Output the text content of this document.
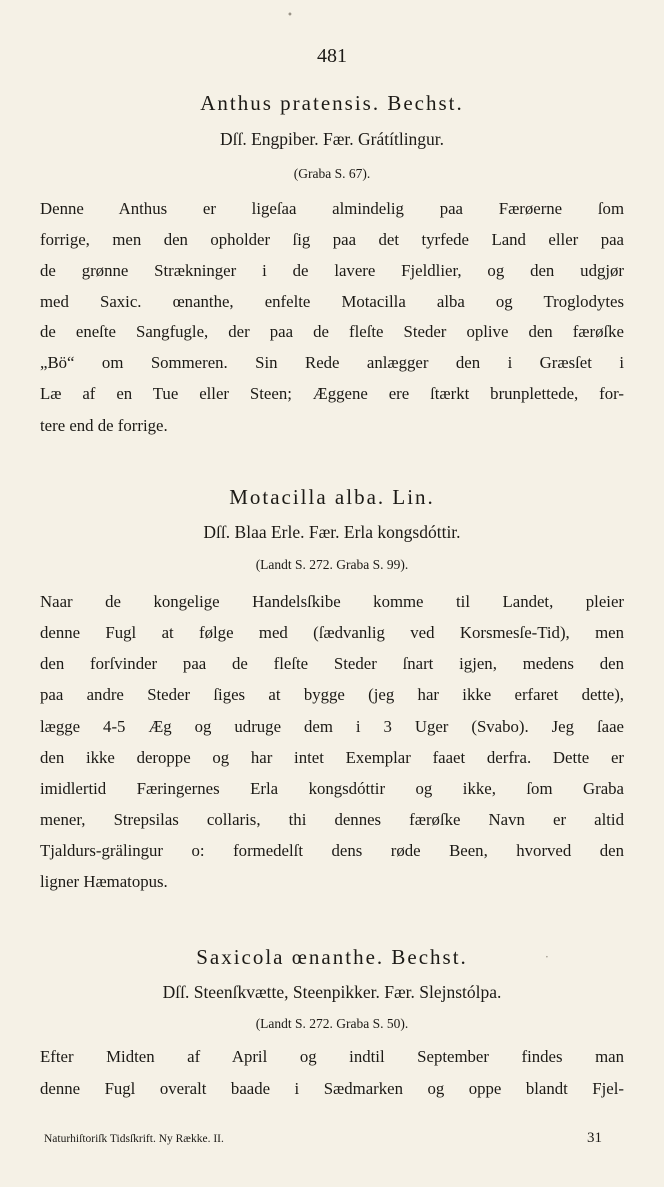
•
481
Anthus pratensis. Bechst.
Dſſ. Engpiber. Fær. Grátítlingur.
(Graba S. 67).
Denne Anthus er ligeſaa almindelig paa Færøerne ſom
forrige, men den opholder ſig paa det tyrfede Land eller paa
de grønne Strækninger i de lavere Fjeldlier, og den udgjør
med Saxic. œnanthe, enfelte Motacilla alba og Troglodytes
de eneſte Sangfugle, der paa de fleſte Steder oplive den færøſke
„Bö“ om Sommeren. Sin Rede anlægger den i Græsſet i
Læ af en Tue eller Steen; Æggene ere ſtærkt brunplettede, for-
tere end de forrige.
Motacilla alba. Lin.
Dſſ. Blaa Erle. Fær. Erla kongsdóttir.
(Landt S. 272. Graba S. 99).
Naar de kongelige Handelsſkibe komme til Landet, pleier
denne Fugl at følge med (ſædvanlig ved Korsmesſe-Tid), men
den forſvinder paa de fleſte Steder ſnart igjen, medens den
paa andre Steder ſiges at bygge (jeg har ikke erfaret dette),
lægge 4-5 Æg og udruge dem i 3 Uger (Svabo). Jeg ſaae
den ikke deroppe og har intet Exemplar faaet derfra. Dette er
imidlertid Færingernes Erla kongsdóttir og ikke, ſom Graba
mener, Strepsilas collaris, thi dennes færøſke Navn er altid
Tjaldurs-grälingur o: formedelſt dens røde Been, hvorved den
ligner Hæmatopus.
·
Saxicola œnanthe. Bechst.
Dſſ. Steenſkvætte, Steenpikker. Fær. Slejnstólpa.
(Landt S. 272. Graba S. 50).
Efter Midten af April og indtil September findes man
denne Fugl overalt baade i Sædmarken og oppe blandt Fjel-
Naturhiſtoriſk Tidsſkrift. Ny Række. II.	31
